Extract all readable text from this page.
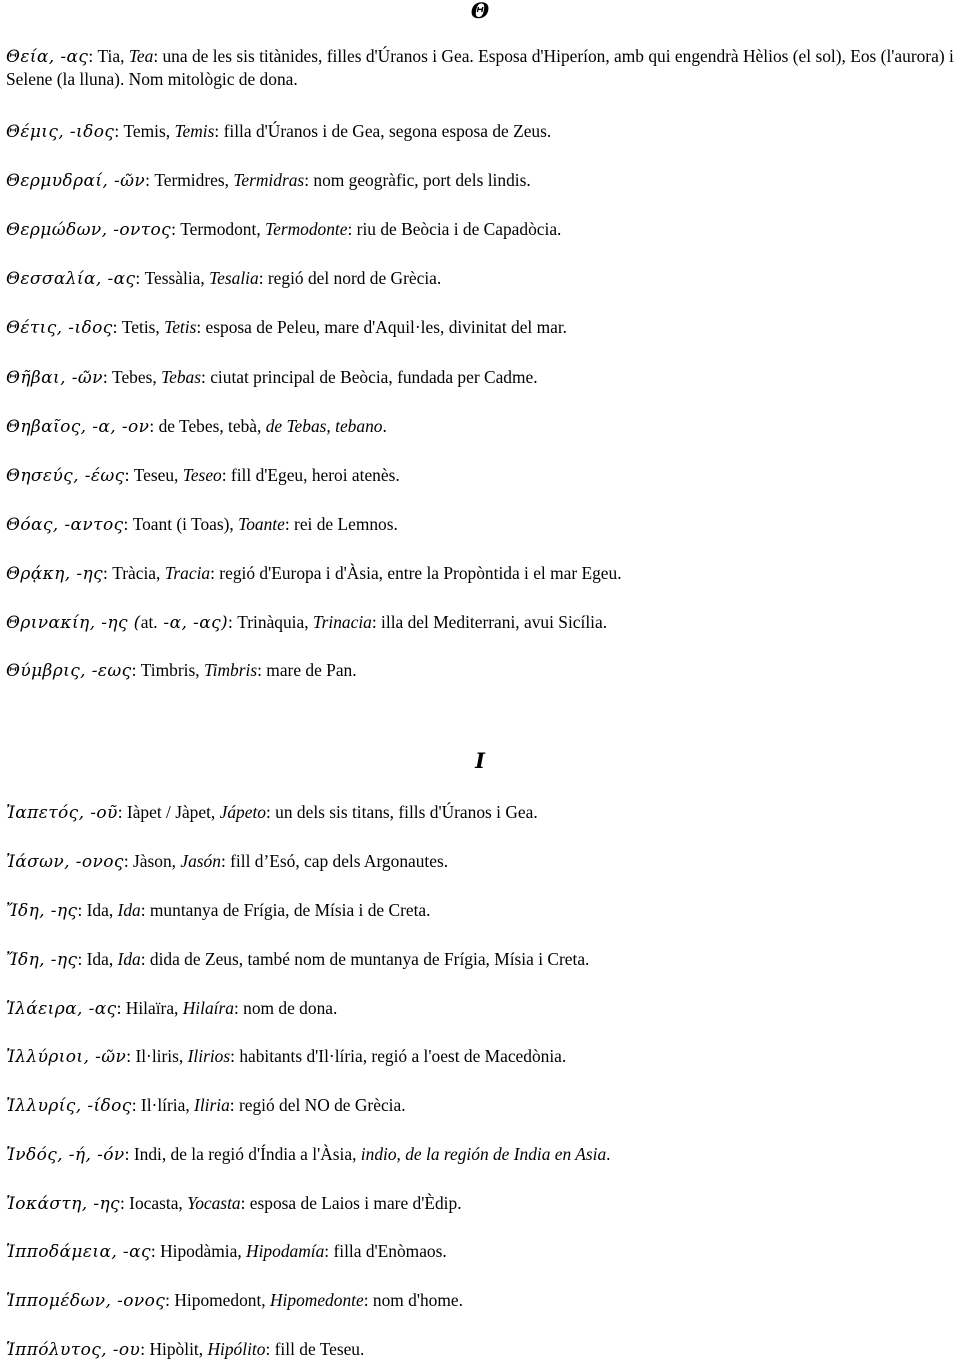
Θ

Θεία, -ας: Tia, Tea: una de les sis titànides, filles d'Úranos i Gea. Esposa d'Hiperíon, amb qui engendrà Hèlios (el sol), Eos (l'aurora) i Selene (la lluna). Nom mitològic de dona.

Θέμις, -ιδος: Temis, Temis: filla d'Úranos i de Gea, segona esposa de Zeus.

Θερμυδραί, -ῶν: Termidres, Termidras: nom geogràfic, port dels lindis.

Θερμώδων, -οντος: Termodont, Termodonte: riu de Beòcia i de Capadòcia.

Θεσσαλία, -ας: Tessàlia, Tesalia: regió del nord de Grècia.

Θέτις, -ιδος: Tetis, Tetis: esposa de Peleu, mare d'Aquil·les, divinitat del mar.

Θῆβαι, -ῶν: Tebes, Tebas: ciutat principal de Beòcia, fundada per Cadme.

Θηβαῖος, -α, -ον: de Tebes, tebà, de Tebas, tebano.

Θησεύς, -έως: Teseu, Teseo: fill d'Egeu, heroi atenès.

Θόας, -αντος: Toant (i Toas), Toante: rei de Lemnos.

Θρᾴκη, -ης: Tràcia, Tracia: regió d'Europa i d'Àsia, entre la Propòntida i el mar Egeu.

Θρινακίη, -ης (at. -α, -ας): Trinàquia, Trinacia: illa del Mediterrani, avui Sicília.

Θύμβρις, -εως: Timbris, Timbris: mare de Pan.

Ι

Ἰαπετός, -οῦ: Iàpet / Jàpet, Jápeto: un dels sis titans, fills d'Úranos i Gea.

Ἰάσων, -ονος: Jàson, Jasón: fill d’Esó, cap dels Argonautes.

Ἴδη, -ης: Ida, Ida: muntanya de Frígia, de Mísia i de Creta.

Ἴδη, -ης: Ida, Ida: dida de Zeus, també nom de muntanya de Frígia, Mísia i Creta.

Ἱλάειρα, -ας: Hilaïra, Hilaíra: nom de dona.

Ἰλλύριοι, -ῶν: Il·liris, Ilirios: habitants d'Il·líria, regió a l'oest de Macedònia.

Ἰλλυρίς, -ίδος: Il·líria, Iliria: regió del NO de Grècia.

Ἰνδός, -ή, -όν: Indi, de la regió d'Índia a l'Àsia, indio, de la región de India en Asia.

Ἰοκάστη, -ης: Iocasta, Yocasta: esposa de Laios i mare d'Èdip.

Ἱπποδάμεια, -ας: Hipodàmia, Hipodamía: filla d'Enòmaos.

Ἱππομέδων, -ονος: Hipomedont, Hipomedonte: nom d'home.

Ἱππόλυτος, -ου: Hipòlit, Hipólito: fill de Teseu.
